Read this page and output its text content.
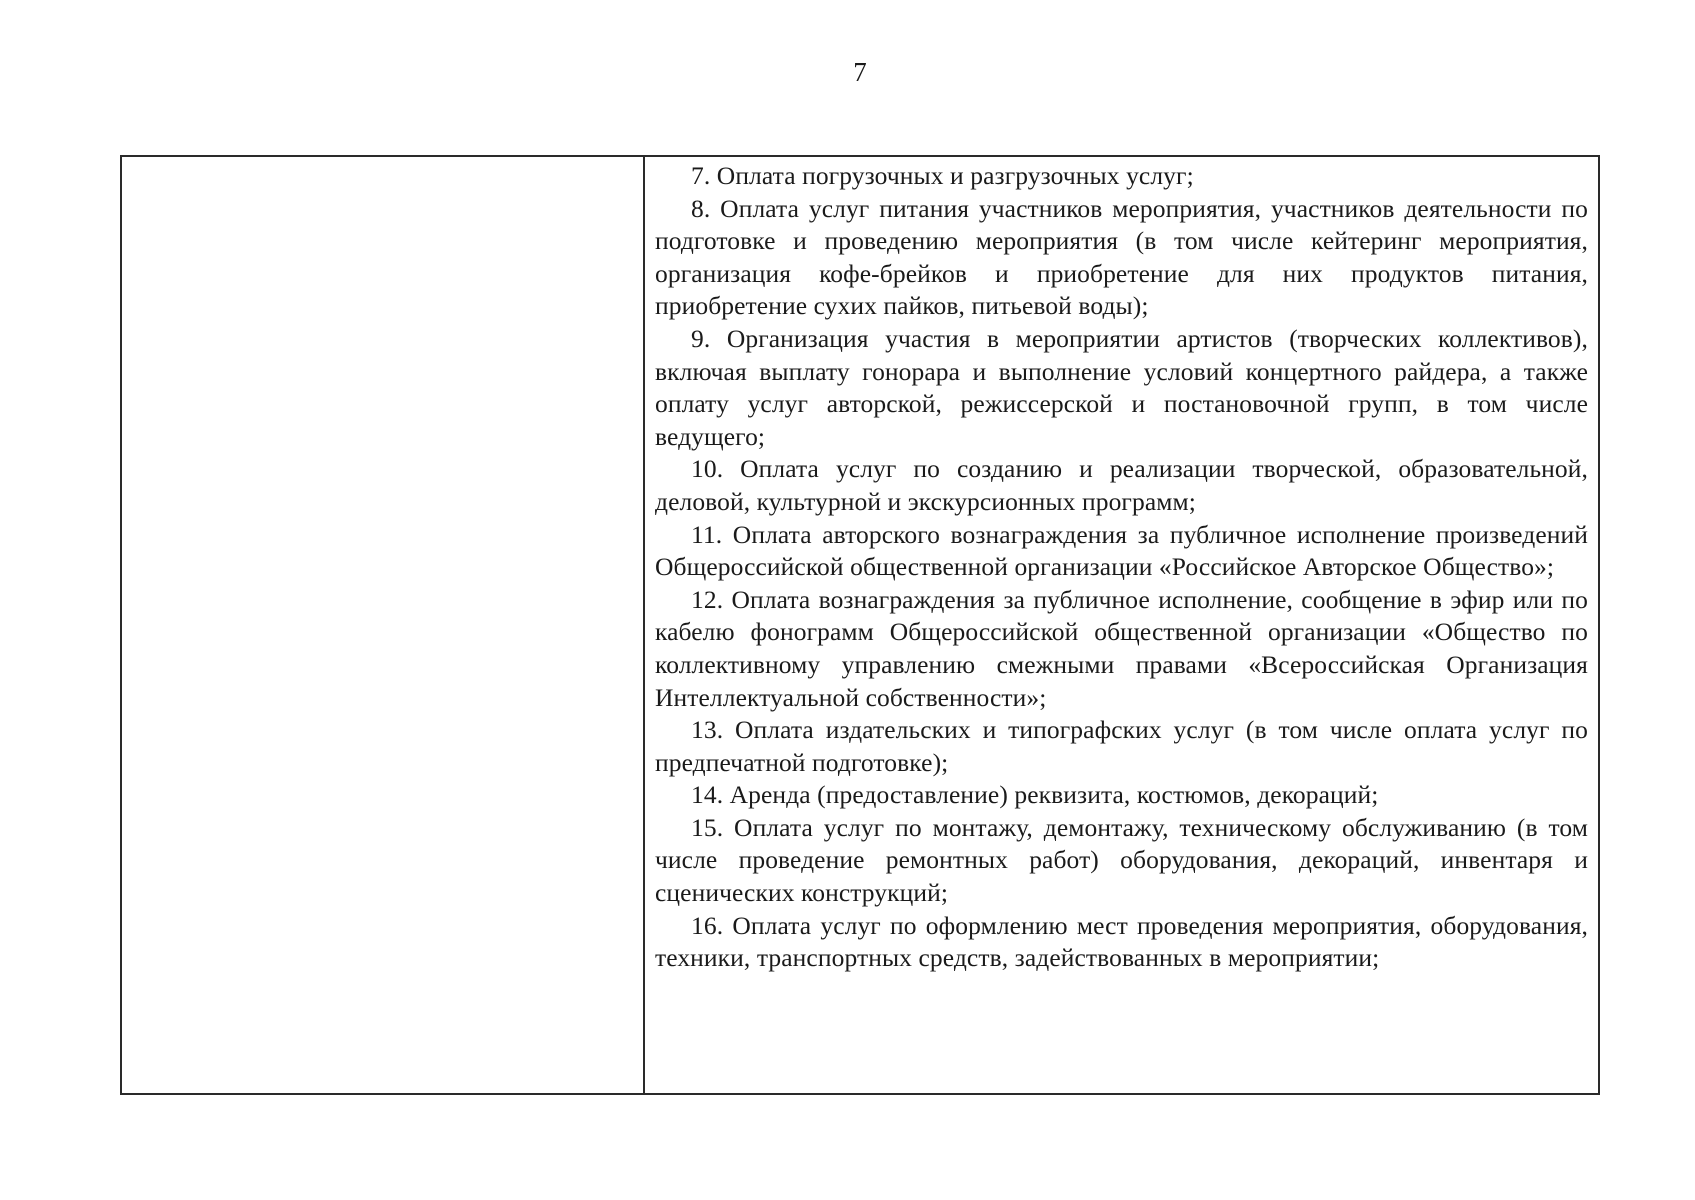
7

7. Оплата погрузочных и разгрузочных услуг;

8. Оплата услуг питания участников мероприятия, участников деятельности по подготовке и проведению мероприятия (в том числе кейтеринг мероприятия, организация кофе-брейков и приобретение для них продуктов питания, приобретение сухих пайков, питьевой воды);

9. Организация участия в мероприятии артистов (творческих коллективов), включая выплату гонорара и выполнение условий концертного райдера, а также оплату услуг авторской, режиссерской и постановочной групп, в том числе ведущего;

10. Оплата услуг по созданию и реализации творческой, образовательной, деловой, культурной и экскурсионных программ;

11. Оплата авторского вознаграждения за публичное исполнение произведений Общероссийской общественной организации «Российское Авторское Общество»;

12. Оплата вознаграждения за публичное исполнение, сообщение в эфир или по кабелю фонограмм Общероссийской общественной организации «Общество по коллективному управлению смежными правами «Всероссийская Организация Интеллектуальной собственности»;

13. Оплата издательских и типографских услуг (в том числе оплата услуг по предпечатной подготовке);

14. Аренда (предоставление) реквизита, костюмов, декораций;

15. Оплата услуг по монтажу, демонтажу, техническому обслуживанию (в том числе проведение ремонтных работ) оборудования, декораций, инвентаря и сценических конструкций;

16. Оплата услуг по оформлению мест проведения мероприятия, оборудования, техники, транспортных средств, задействованных в мероприятии;
